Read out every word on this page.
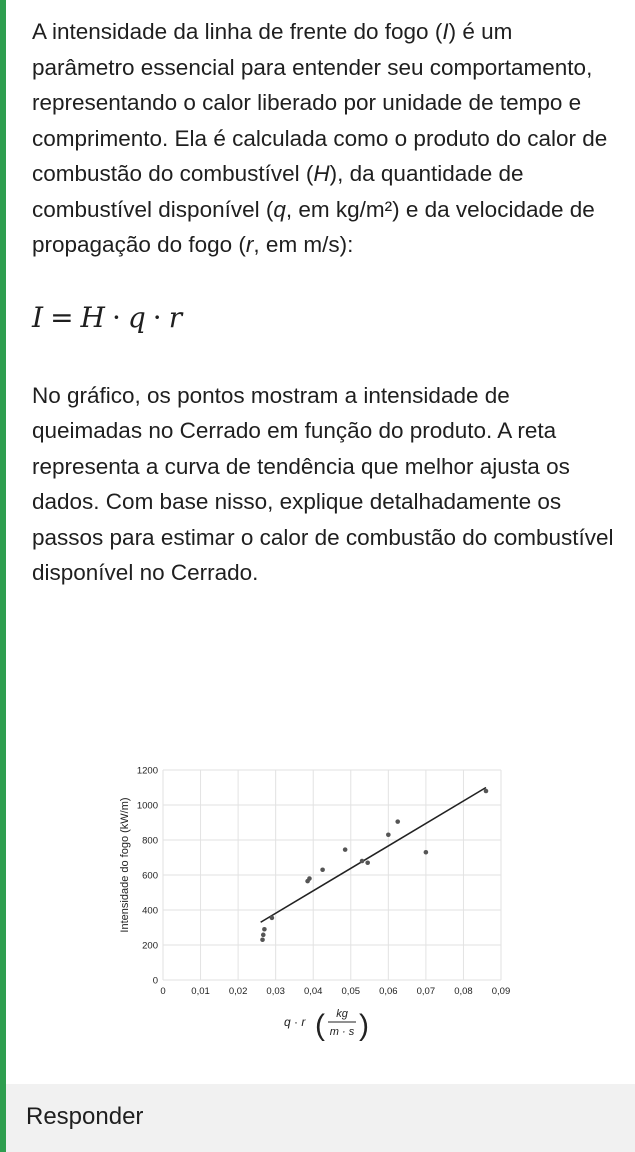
A intensidade da linha de frente do fogo (I) é um parâmetro essencial para entender seu comportamento, representando o calor liberado por unidade de tempo e comprimento. Ela é calculada como o produto do calor de combustão do combustível (H), da quantidade de combustível disponível (q, em kg/m²) e da velocidade de propagação do fogo (r, em m/s):

I = H · q · r

No gráfico, os pontos mostram a intensidade de queimadas no Cerrado em função do produto. A reta representa a curva de tendência que melhor ajusta os dados. Com base nisso, explique detalhadamente os passos para estimar o calor de combustão do combustível disponível no Cerrado.

0	0,01 0,02 0,03 0,04 0,05 0,06 0,07 0,08 0,09
0
200
400
600
800
1000
1200
Intensidade do fogo (kW/m)
q · r ( kg
m · s )
Responder
